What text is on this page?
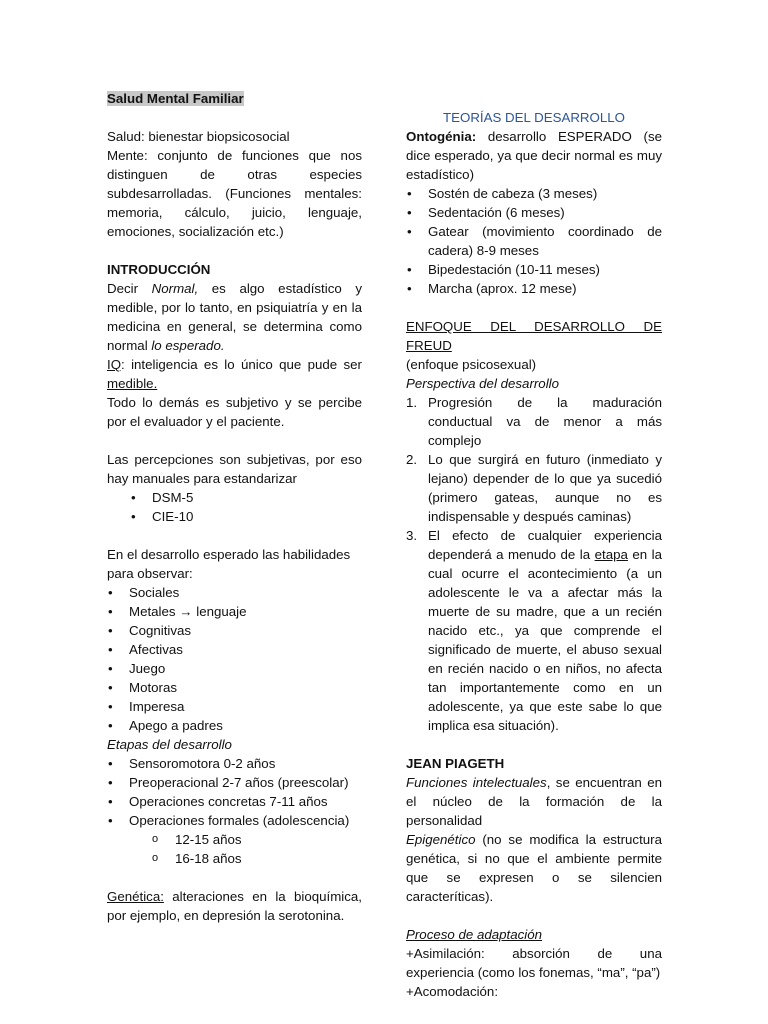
Salud Mental Familiar

Salud: bienestar biopsicosocial

Mente: conjunto de funciones que nos distinguen de otras especies subdesarrolladas. (Funciones mentales: memoria, cálculo, juicio, lenguaje, emociones, socialización etc.)

INTRODUCCIÓN

Decir Normal, es algo estadístico y medible, por lo tanto, en psiquiatría y en la medicina en general, se determina como normal lo esperado.

IQ: inteligencia es lo único que pude ser medible.

Todo lo demás es subjetivo y se percibe por el evaluador y el paciente.

Las percepciones son subjetivas, por eso hay manuales para estandarizar

• DSM-5
• CIE-10

En el desarrollo esperado las habilidades para observar:

• Sociales
• Metales → lenguaje
• Cognitivas
• Afectivas
• Juego
• Motoras
• Imperesa
• Apego a padres

Etapas del desarrollo

• Sensoromotora 0-2 años
• Preoperacional 2-7 años (preescolar)
• Operaciones concretas 7-11 años
• Operaciones formales (adolescencia)
o 12-15 años
o 16-18 años

Genética: alteraciones en la bioquímica, por ejemplo, en depresión la serotonina.

TEORÍAS DEL DESARROLLO

Ontogénia: desarrollo ESPERADO (se dice esperado, ya que decir normal es muy estadístico)

• Sostén de cabeza (3 meses)
• Sedentación (6 meses)
• Gatear (movimiento coordinado de cadera) 8-9 meses
• Bipedestación (10-11 meses)
• Marcha (aprox. 12 mese)

ENFOQUE DEL DESARROLLO DE FREUD

(enfoque psicosexual)

Perspectiva del desarrollo

1. Progresión de la maduración conductual va de menor a más complejo
2. Lo que surgirá en futuro (inmediato y lejano) depender de lo que ya sucedió (primero gateas, aunque no es indispensable y después caminas)
3. El efecto de cualquier experiencia dependerá a menudo de la etapa en la cual ocurre el acontecimiento (a un adolescente le va a afectar más la muerte de su madre, que a un recién nacido etc., ya que comprende el significado de muerte, el abuso sexual en recién nacido o en niños, no afecta tan importantemente como en un adolescente, ya que este sabe lo que implica esa situación).

JEAN PIAGETH

Funciones intelectuales, se encuentran en el núcleo de la formación de la personalidad

Epigenético (no se modifica la estructura genética, si no que el ambiente permite que se expresen o se silencien caracteríticas).

Proceso de adaptación

+Asimilación: absorción de una experiencia (como los fonemas, “ma”, “pa”)

+Acomodación:
